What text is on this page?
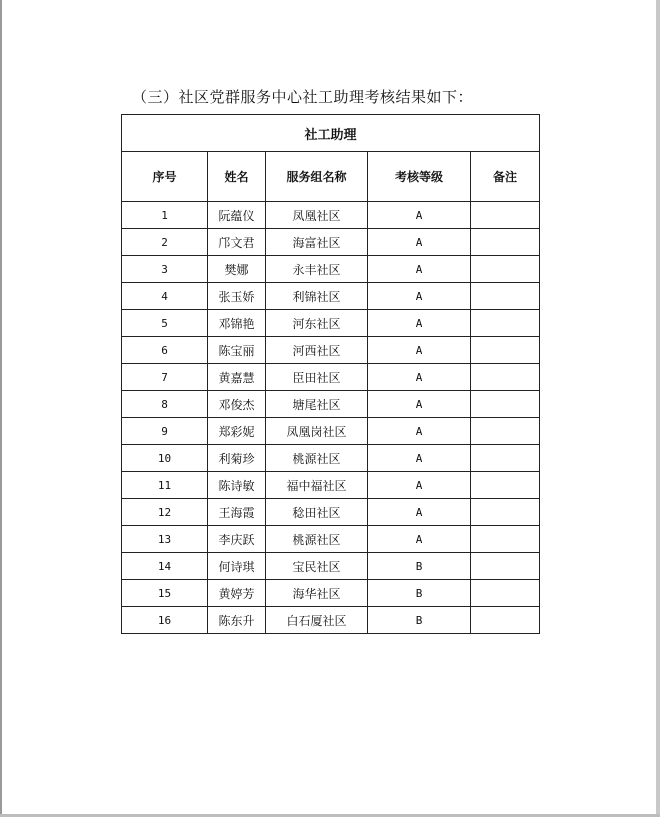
（三）社区党群服务中心社工助理考核结果如下：
社工助理				
序号	姓名	服务组名称	考核等级	备注
1	阮蕴仪	凤凰社区	A	
2	邝文君	海富社区	A	
3	樊娜	永丰社区	A	
4	张玉娇	利锦社区	A	
5	邓锦艳	河东社区	A	
6	陈宝丽	河西社区	A	
7	黄嘉慧	臣田社区	A	
8	邓俊杰	塘尾社区	A	
9	郑彩妮	凤凰岗社区	A	
10	利菊珍	桃源社区	A	
11	陈诗敏	福中福社区	A	
12	王海霞	稔田社区	A	
13	李庆跃	桃源社区	A	
14	何诗琪	宝民社区	B	
15	黄婷芳	海华社区	B	
16	陈东升	白石厦社区	B	
